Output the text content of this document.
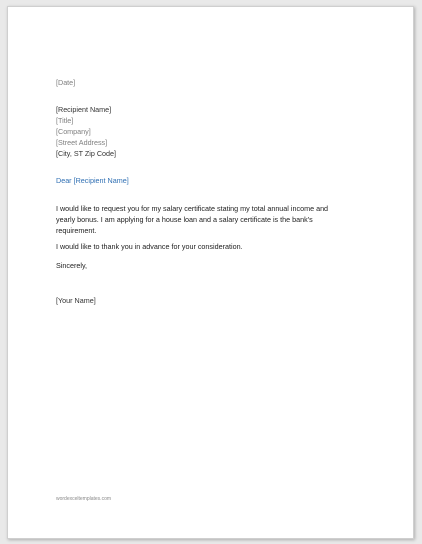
[Date]
[Recipient Name]
[Title]
[Company]
[Street Address]
[City, ST Zip Code]
Dear [Recipient Name]
I would like to request you for my salary certificate stating my total annual income and yearly bonus. I am applying for a house loan and a salary certificate is the bank's requirement.
I would like to thank you in advance for your consideration.
Sincerely,
[Your Name]
wordexceltemplates.com
